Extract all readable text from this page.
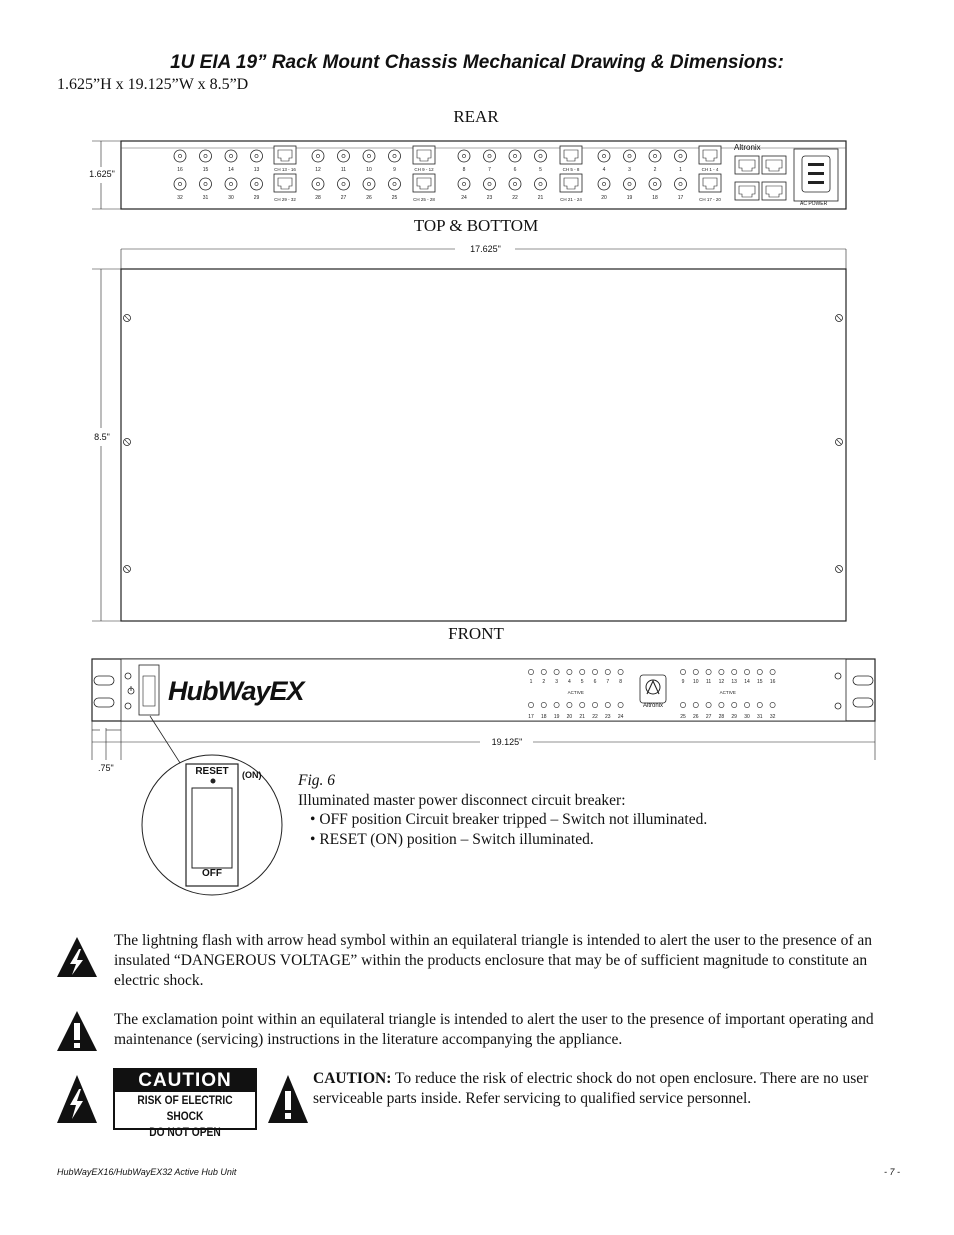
1U EIA 19” Rack Mount Chassis Mechanical Drawing & Dimensions:
1.625”H x 19.125”W x 8.5”D
REAR
16
32
15
31
14
30
13
29
CH 13 - 16
CH 29 - 32
12
28
11
27
10
26
9
25
CH 9 - 12
CH 25 - 28
8
24
7
23
6
22
5
21
CH 5 - 8
CH 21 - 24
4
20
3
19
2
18
1
17
CH 1 - 4
CH 17 - 20
1
17
2
18
3
19
4
20
5
21
6
22
7
23
8
24
ACTIVE
9
25
10
26
11
27
12
28
13
29
14
30
15
31
16
32
ACTIVE
1.625"
Altronix
AC POWER
TOP & BOTTOM
17.625"
8.5"
FRONT
HubWayEX	Altronix
19.125"
.75"	RESET	(ON)
OFF
Fig. 6
Illuminated master power disconnect circuit breaker:
• OFF position Circuit breaker tripped – Switch not illuminated.
• RESET (ON) position – Switch illuminated.
The lightning flash with arrow head symbol within an equilateral triangle is intended to alert the user to the presence of an insulated “DANGEROUS VOLTAGE” within the products enclosure that may be of sufficient magnitude to constitute an electric shock.
The exclamation point within an equilateral triangle is intended to alert the user to the presence of important operating and maintenance (servicing) instructions in the literature accompanying the appliance.
CAUTION
RISK OF ELECTRIC SHOCK
DO NOT OPEN
CAUTION: To reduce the risk of electric shock do not open enclosure. There are no user serviceable parts inside. Refer servicing to qualified service personnel.
HubWayEX16/HubWayEX32 Active Hub Unit	- 7 -
